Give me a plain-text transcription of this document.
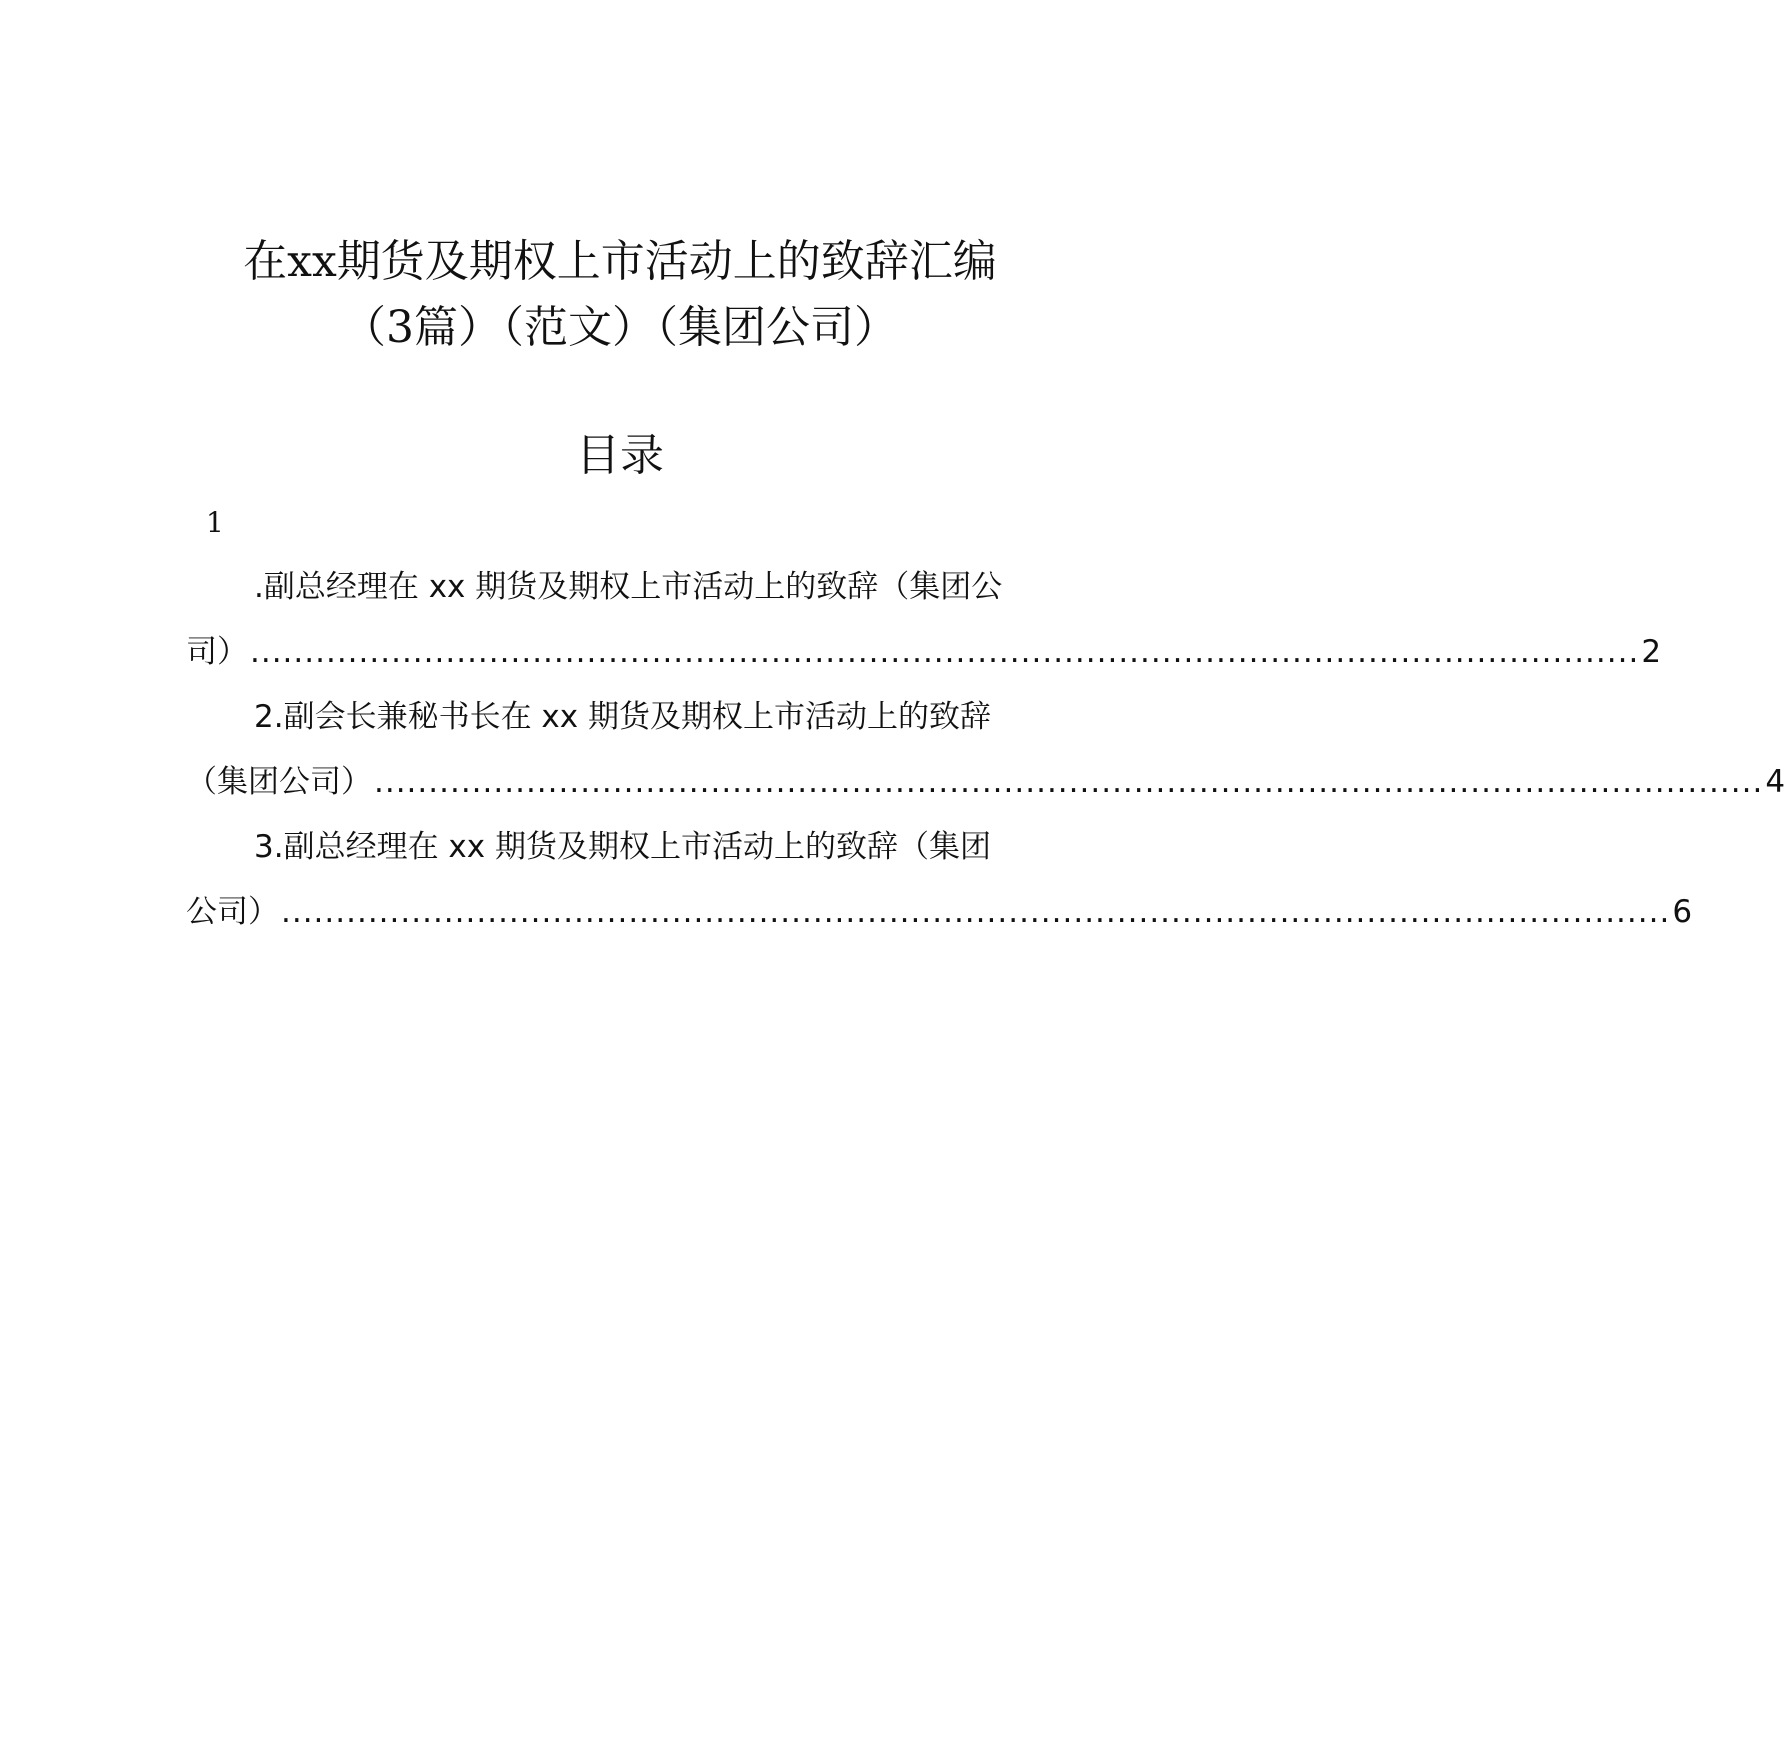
在xx期货及期权上市活动上的致辞汇编
（3篇）（范文）（集团公司）
目录
1
.副总经理在 xx 期货及期权上市活动上的致辞（集团公
司） ................................................................................................................................ 2
2.副会长兼秘书长在 xx 期货及期权上市活动上的致辞
（集团公司） ................................................................................................................................ 4
3.副总经理在 xx 期货及期权上市活动上的致辞（集团
公司） ................................................................................................................................ 6
